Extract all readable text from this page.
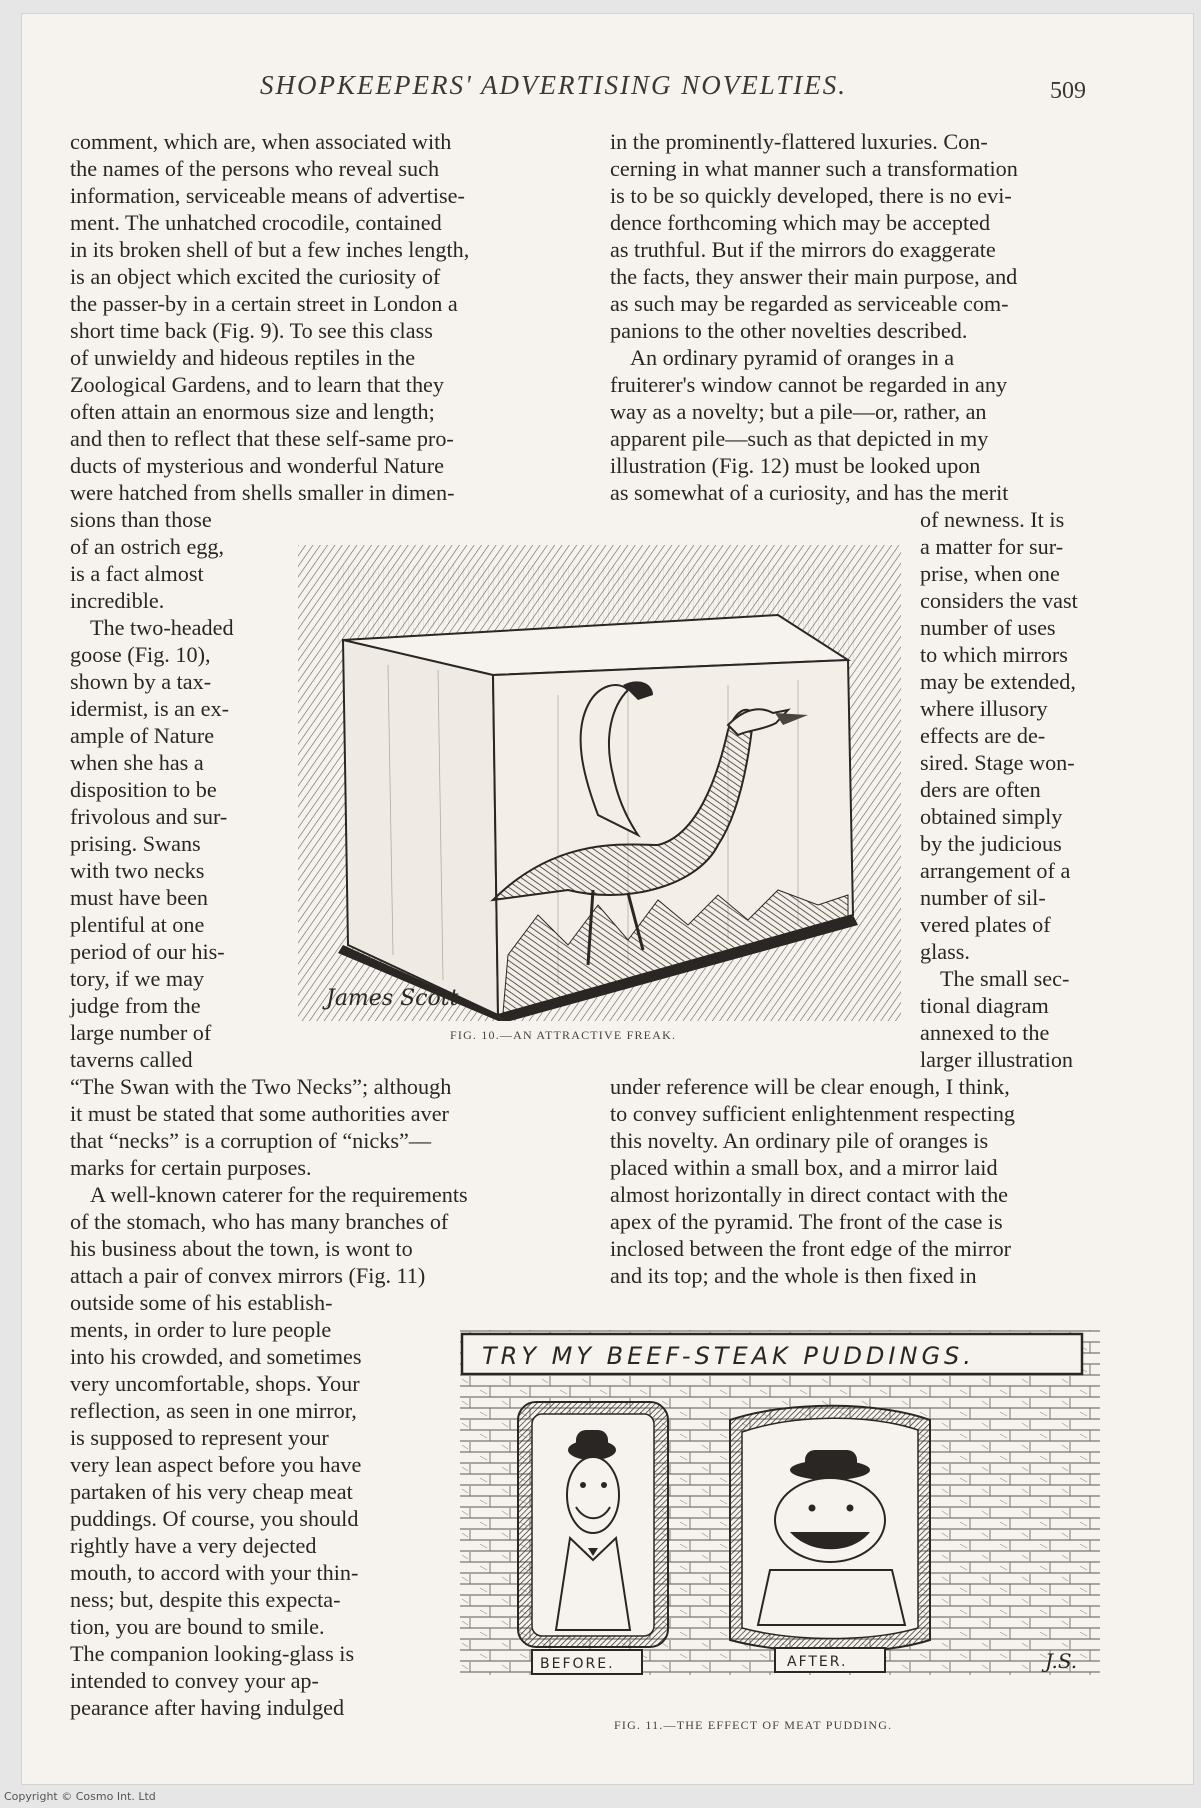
SHOPKEEPERS' ADVERTISING NOVELTIES.	509
comment, which are, when associated with
the names of the persons who reveal such
information, serviceable means of advertise-
ment. The unhatched crocodile, contained
in its broken shell of but a few inches length,
is an object which excited the curiosity of
the passer-by in a certain street in London a
short time back (Fig. 9). To see this class
of unwieldy and hideous reptiles in the
Zoological Gardens, and to learn that they
often attain an enormous size and length;
and then to reflect that these self-same pro-
ducts of mysterious and wonderful Nature
were hatched from shells smaller in dimen-
sions than those
of an ostrich egg,
is a fact almost
incredible.
The two-headed
goose (Fig. 10),
shown by a tax-
idermist, is an ex-
ample of Nature
when she has a
disposition to be
frivolous and sur-
prising. Swans
with two necks
must have been
plentiful at one
period of our his-
tory, if we may
judge from the
large number of
taverns called
“The Swan with the Two Necks”; although
it must be stated that some authorities aver
that “necks” is a corruption of “nicks”—
marks for certain purposes.
A well-known caterer for the requirements
of the stomach, who has many branches of
his business about the town, is wont to
attach a pair of convex mirrors (Fig. 11)
outside some of his establish-
ments, in order to lure people
into his crowded, and sometimes
very uncomfortable, shops. Your
reflection, as seen in one mirror,
is supposed to represent your
very lean aspect before you have
partaken of his very cheap meat
puddings. Of course, you should
rightly have a very dejected
mouth, to accord with your thin-
ness; but, despite this expecta-
tion, you are bound to smile.
The companion looking-glass is
intended to convey your ap-
pearance after having indulged
in the prominently-flattered luxuries. Con-
cerning in what manner such a transformation
is to be so quickly developed, there is no evi-
dence forthcoming which may be accepted
as truthful. But if the mirrors do exaggerate
the facts, they answer their main purpose, and
as such may be regarded as serviceable com-
panions to the other novelties described.
An ordinary pyramid of oranges in a
fruiterer's window cannot be regarded in any
way as a novelty; but a pile—or, rather, an
apparent pile—such as that depicted in my
illustration (Fig. 12) must be looked upon
as somewhat of a curiosity, and has the merit
of newness. It is
a matter for sur-
prise, when one
considers the vast
number of uses
to which mirrors
may be extended,
where illusory
effects are de-
sired. Stage won-
ders are often
obtained simply
by the judicious
arrangement of a
number of sil-
vered plates of
glass.
The small sec-
tional diagram
annexed to the
larger illustration
under reference will be clear enough, I think,
to convey sufficient enlightenment respecting
this novelty. An ordinary pile of oranges is
placed within a small box, and a mirror laid
almost horizontally in direct contact with the
apex of the pyramid. The front of the case is
inclosed between the front edge of the mirror
and its top; and the whole is then fixed in
James Scott
FIG. 10.—AN ATTRACTIVE FREAK.
TRY MY BEEF-STEAK PUDDINGS.
BEFORE.	AFTER.	J.S.
FIG. 11.—THE EFFECT OF MEAT PUDDING.
Copyright © Cosmo Int. Ltd
